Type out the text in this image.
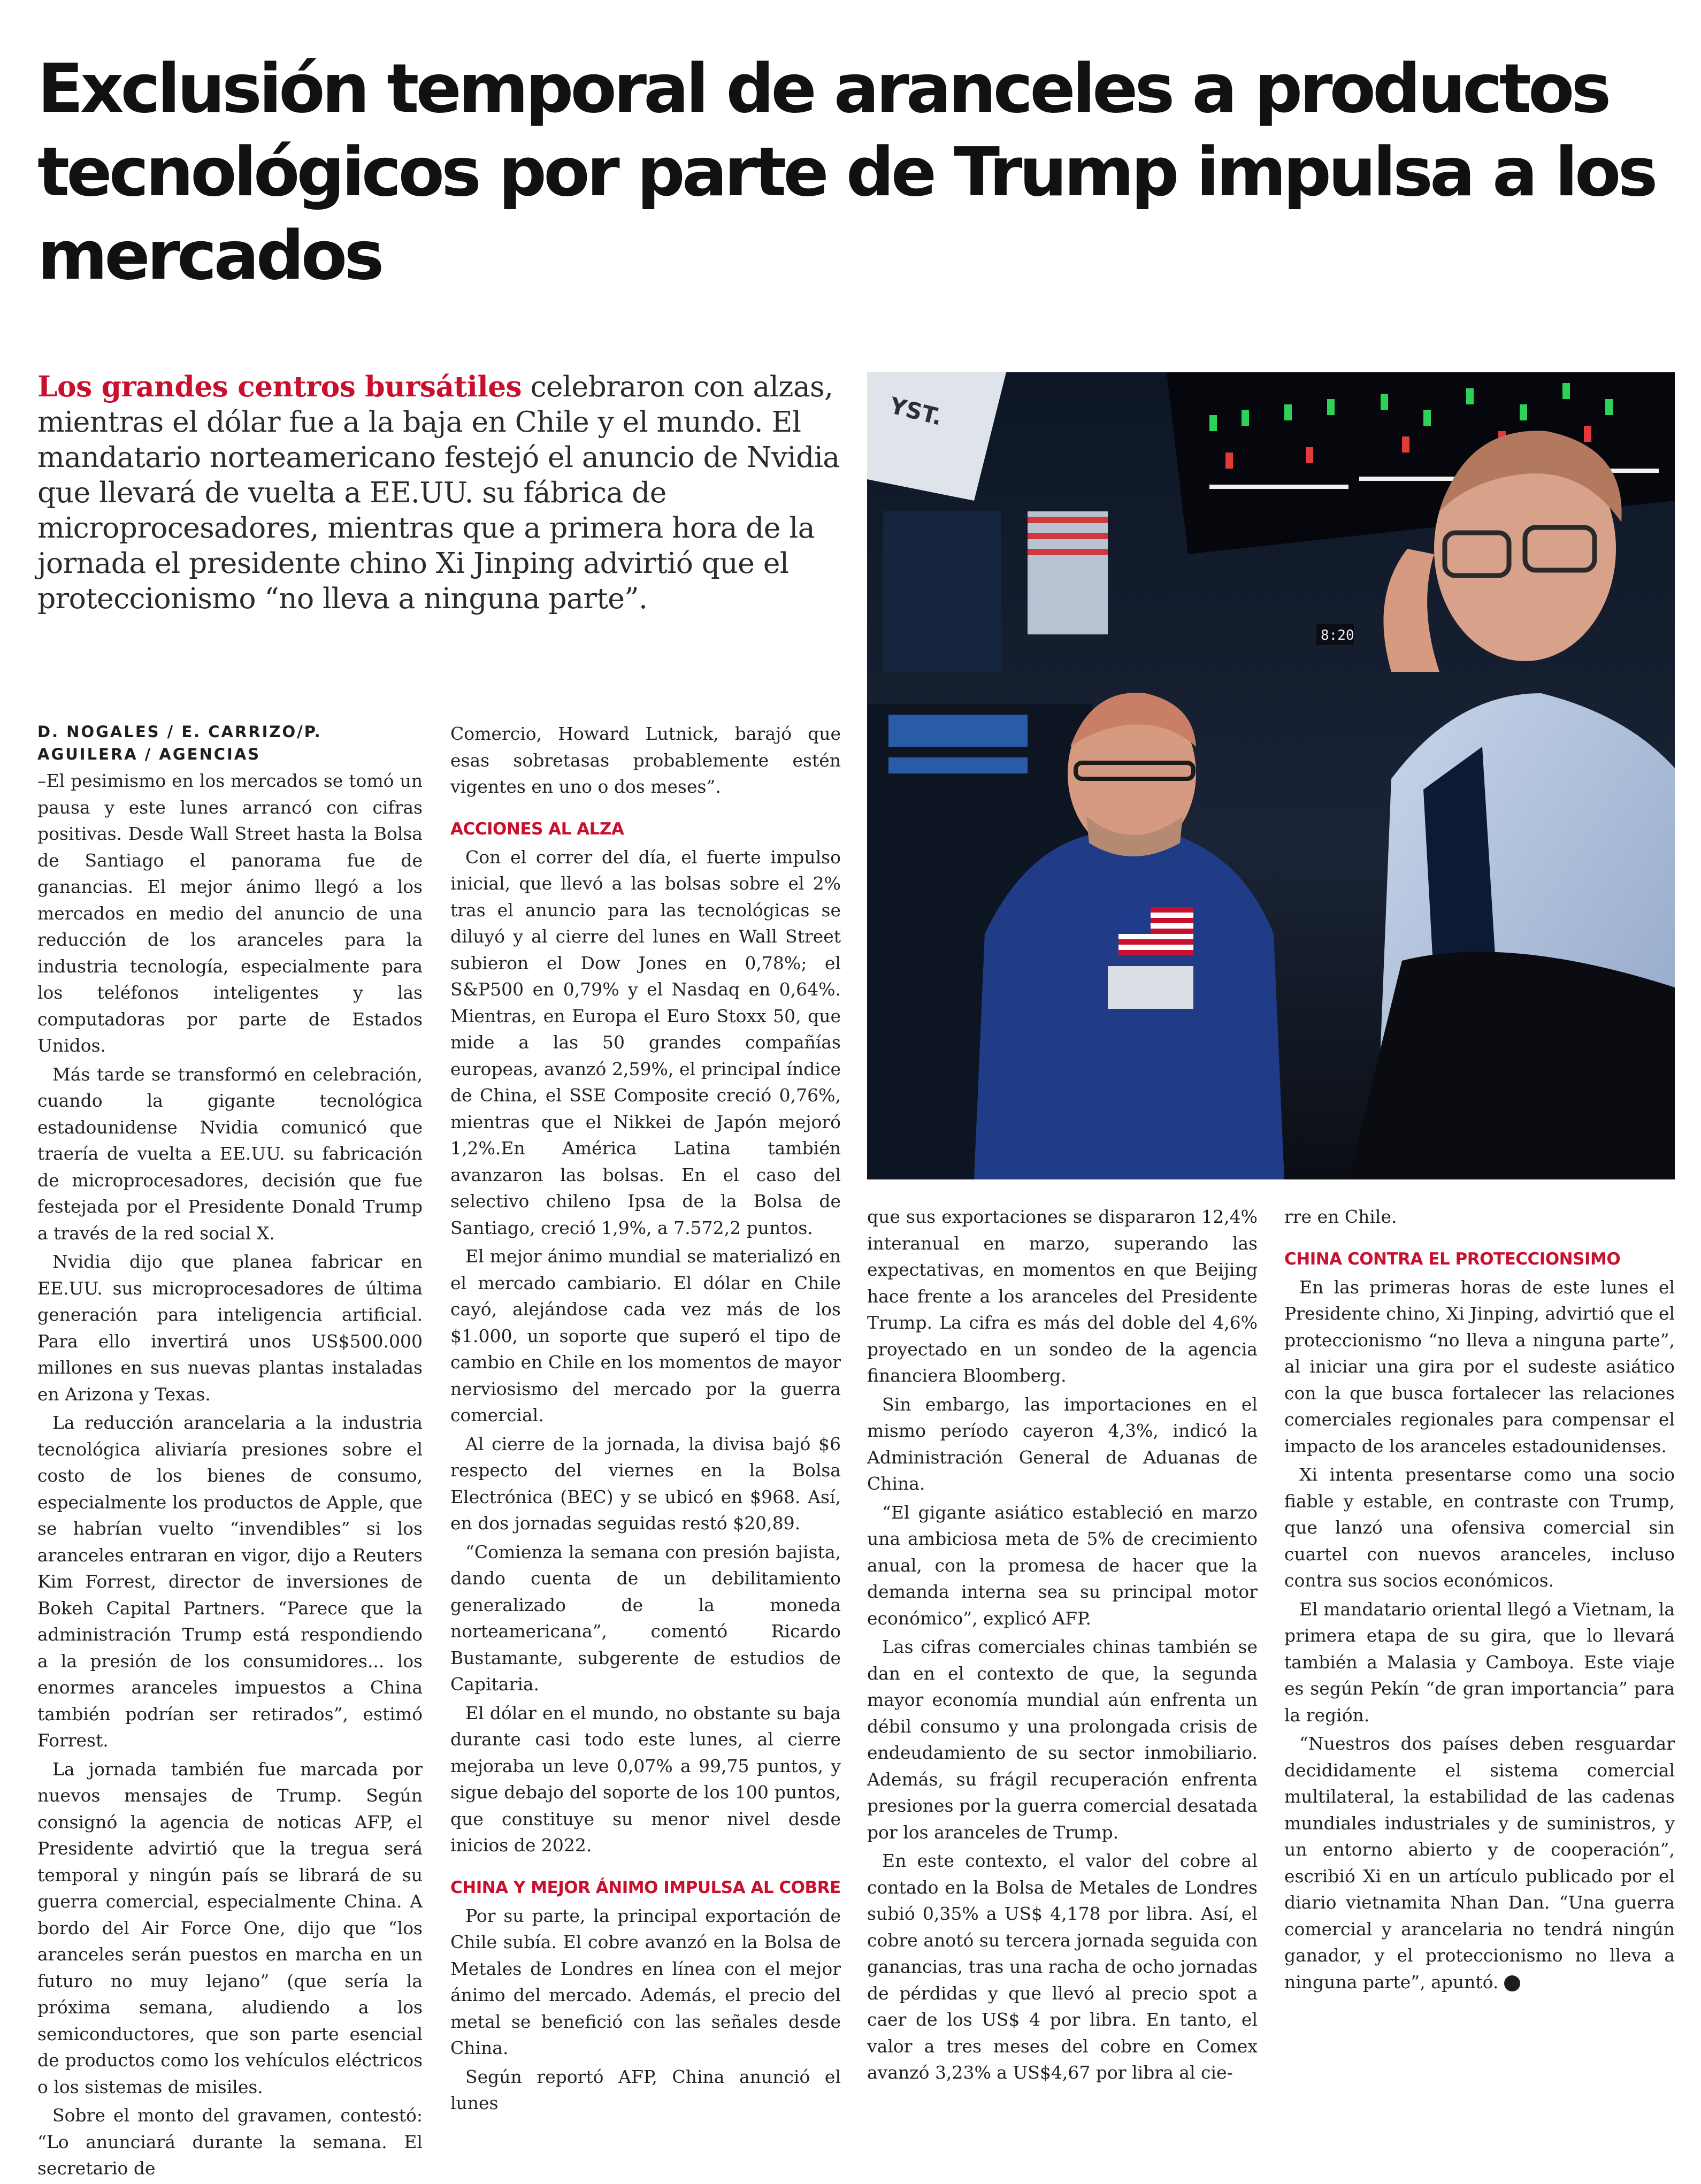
Exclusión temporal de aranceles a productos tecnológicos por parte de Trump impulsa a los mercados

Los grandes centros bursátiles celebraron con alzas, mientras el dólar fue a la baja en Chile y el mundo. El mandatario norteamericano festejó el anuncio de Nvidia que llevará de vuelta a EE.UU. su fábrica de microprocesadores, mientras que a primera hora de la jornada el presidente chino Xi Jinping advirtió que el proteccionismo “no lleva a ninguna parte”.

YST.
8:20
D. NOGALES / E. CARRIZO/P. AGUILERA / AGENCIAS

–El pesimismo en los mercados se tomó un pausa y este lunes arrancó con cifras positivas. Desde Wall Street hasta la Bolsa de Santiago el panorama fue de ganancias. El mejor ánimo llegó a los mercados en medio del anuncio de una reducción de los aranceles para la industria tecnología, especialmente para los teléfonos inteligentes y las computadoras por parte de Estados Unidos.

Más tarde se transformó en celebración, cuando la gigante tecnológica estadounidense Nvidia comunicó que traería de vuelta a EE.UU. su fabricación de microprocesadores, decisión que fue festejada por el Presidente Donald Trump a través de la red social X.

Nvidia dijo que planea fabricar en EE.UU. sus microprocesadores de última generación para inteligencia artificial. Para ello invertirá unos US$500.000 millones en sus nuevas plantas instaladas en Arizona y Texas.

La reducción arancelaria a la industria tecnológica aliviaría presiones sobre el costo de los bienes de consumo, especialmente los productos de Apple, que se habrían vuelto “invendibles” si los aranceles entraran en vigor, dijo a Reuters Kim Forrest, director de inversiones de Bokeh Capital Partners. “Parece que la administración Trump está respondiendo a la presión de los consumidores... los enormes aranceles impuestos a China también podrían ser retirados”, estimó Forrest.

La jornada también fue marcada por nuevos mensajes de Trump. Según consignó la agencia de noticas AFP, el Presidente advirtió que la tregua será temporal y ningún país se librará de su guerra comercial, especialmente China. A bordo del Air Force One, dijo que “los aranceles serán puestos en marcha en un futuro no muy lejano” (que sería la próxima semana, aludiendo a los semiconductores, que son parte esencial de productos como los vehículos eléctricos o los sistemas de misiles.

Sobre el monto del gravamen, contestó: “Lo anunciará durante la semana. El secretario de

Comercio, Howard Lutnick, barajó que esas sobretasas probablemente estén vigentes en uno o dos meses”.

ACCIONES AL ALZA

Con el correr del día, el fuerte impulso inicial, que llevó a las bolsas sobre el 2% tras el anuncio para las tecnológicas se diluyó y al cierre del lunes en Wall Street subieron el Dow Jones en 0,78%; el S&P500 en 0,79% y el Nasdaq en 0,64%. Mientras, en Europa el Euro Stoxx 50, que mide a las 50 grandes compañías europeas, avanzó 2,59%, el principal índice de China, el SSE Composite creció 0,76%, mientras que el Nikkei de Japón mejoró 1,2%.En América Latina también avanzaron las bolsas. En el caso del selectivo chileno Ipsa de la Bolsa de Santiago, creció 1,9%, a 7.572,2 puntos.

El mejor ánimo mundial se materializó en el mercado cambiario. El dólar en Chile cayó, alejándose cada vez más de los $1.000, un soporte que superó el tipo de cambio en Chile en los momentos de mayor nerviosismo del mercado por la guerra comercial.

Al cierre de la jornada, la divisa bajó $6 respecto del viernes en la Bolsa Electrónica (BEC) y se ubicó en $968. Así, en dos jornadas seguidas restó $20,89.

“Comienza la semana con presión bajista, dando cuenta de un debilitamiento generalizado de la moneda norteamericana”, comentó Ricardo Bustamante, subgerente de estudios de Capitaria.

El dólar en el mundo, no obstante su baja durante casi todo este lunes, al cierre mejoraba un leve 0,07% a 99,75 puntos, y sigue debajo del soporte de los 100 puntos, que constituye su menor nivel desde inicios de 2022.

CHINA Y MEJOR ÁNIMO IMPULSA AL COBRE

Por su parte, la principal exportación de Chile subía. El cobre avanzó en la Bolsa de Metales de Londres en línea con el mejor ánimo del mercado. Además, el precio del metal se benefició con las señales desde China.

Según reportó AFP, China anunció el lunes

que sus exportaciones se dispararon 12,4% interanual en marzo, superando las expectativas, en momentos en que Beijing hace frente a los aranceles del Presidente Trump. La cifra es más del doble del 4,6% proyectado en un sondeo de la agencia financiera Bloomberg.

Sin embargo, las importaciones en el mismo período cayeron 4,3%, indicó la Administración General de Aduanas de China.

“El gigante asiático estableció en marzo una ambiciosa meta de 5% de crecimiento anual, con la promesa de hacer que la demanda interna sea su principal motor económico”, explicó AFP.

Las cifras comerciales chinas también se dan en el contexto de que, la segunda mayor economía mundial aún enfrenta un débil consumo y una prolongada crisis de endeudamiento de su sector inmobiliario. Además, su frágil recuperación enfrenta presiones por la guerra comercial desatada por los aranceles de Trump.

En este contexto, el valor del cobre al contado en la Bolsa de Metales de Londres subió 0,35% a US$ 4,178 por libra. Así, el cobre anotó su tercera jornada seguida con ganancias, tras una racha de ocho jornadas de pérdidas y que llevó al precio spot a caer de los US$ 4 por libra. En tanto, el valor a tres meses del cobre en Comex avanzó 3,23% a US$4,67 por libra al cie-

rre en Chile.

CHINA CONTRA EL PROTECCIONSIMO

En las primeras horas de este lunes el Presidente chino, Xi Jinping, advirtió que el proteccionismo “no lleva a ninguna parte”, al iniciar una gira por el sudeste asiático con la que busca fortalecer las relaciones comerciales regionales para compensar el impacto de los aranceles estadounidenses.

Xi intenta presentarse como una socio fiable y estable, en contraste con Trump, que lanzó una ofensiva comercial sin cuartel con nuevos aranceles, incluso contra sus socios económicos.

El mandatario oriental llegó a Vietnam, la primera etapa de su gira, que lo llevará también a Malasia y Camboya. Este viaje es según Pekín “de gran importancia” para la región.

“Nuestros dos países deben resguardar decididamente el sistema comercial multilateral, la estabilidad de las cadenas mundiales industriales y de suministros, y un entorno abierto y de cooperación”, escribió Xi en un artículo publicado por el diario vietnamita Nhan Dan. “Una guerra comercial y arancelaria no tendrá ningún ganador, y el proteccionismo no lleva a ninguna parte”, apuntó. P
